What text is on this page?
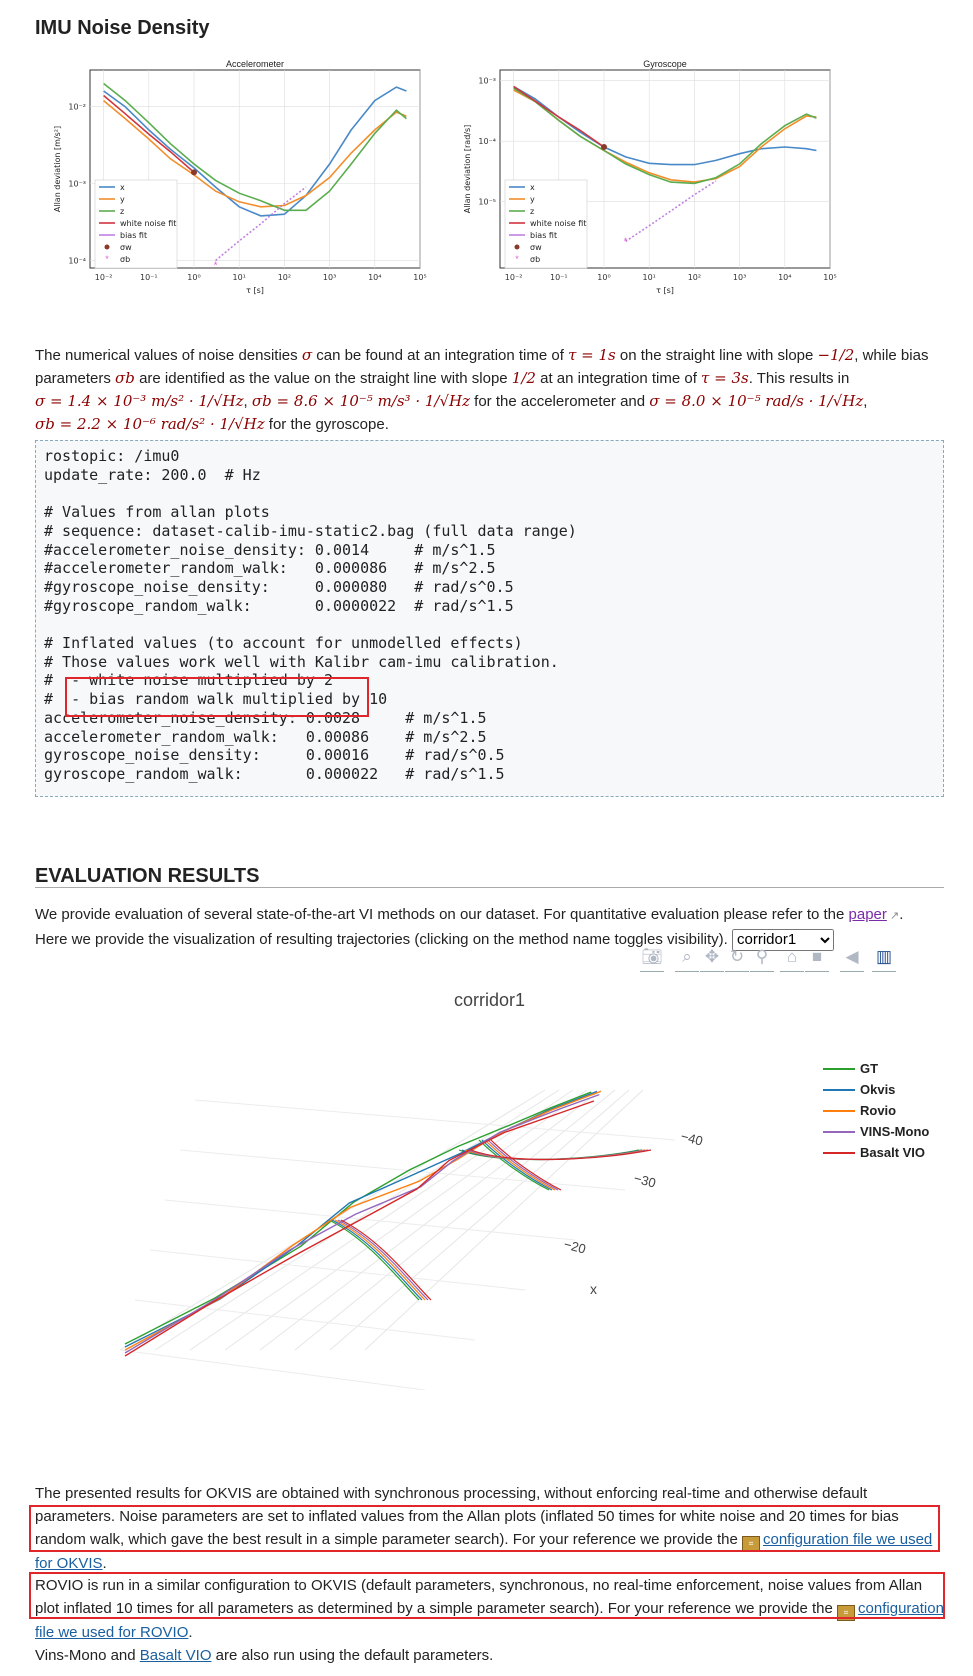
IMU Noise Density
Accelerometer
10⁻²	10⁻¹	10⁰	10¹	10²	10³	10⁴	10⁵
10⁻⁴
10⁻³
10⁻²
τ [s]
Allan deviation [m/s²]
*
x
y
z
white noise fit
bias fit
σw
* σb
Gyroscope
10⁻²	10⁻¹	10⁰	10¹	10²	10³	10⁴	10⁵
10⁻⁵
10⁻⁴
10⁻³
τ [s]
Allan deviation [rad/s]
*
x
y
z
white noise fit
bias fit
σw
* σb
The numerical values of noise densities σ can be found at an integration time of τ = 1s on the straight line with slope −1/2, while bias parameters σb are identified as the value on the straight line with slope 1/2 at an integration time of τ = 3s. This results in
σ = 1.4 × 10⁻³ m/s² · 1/√Hz, σb = 8.6 × 10⁻⁵ m/s³ · 1/√Hz for the accelerometer and σ = 8.0 × 10⁻⁵ rad/s · 1/√Hz,
σb = 2.2 × 10⁻⁶ rad/s² · 1/√Hz for the gyroscope.
rostopic: /imu0
update_rate: 200.0  # Hz
# Values from allan plots
# sequence: dataset-calib-imu-static2.bag (full data range)
#accelerometer_noise_density: 0.0014     # m/s^1.5
#accelerometer_random_walk:   0.000086   # m/s^2.5
#gyroscope_noise_density:     0.000080   # rad/s^0.5
#gyroscope_random_walk:       0.0000022  # rad/s^1.5
# Inflated values (to account for unmodelled effects)
# Those values work well with Kalibr cam-imu calibration.
#  - white noise multiplied by 2
#  - bias random walk multiplied by 10
accelerometer_noise_density: 0.0028     # m/s^1.5
accelerometer_random_walk:   0.00086    # m/s^2.5
gyroscope_noise_density:     0.00016    # rad/s^0.5
gyroscope_random_walk:       0.000022   # rad/s^1.5
EVALUATION RESULTS
We provide evaluation of several state-of-the-art VI methods on our dataset. For quantitative evaluation please refer to the paper ↗.
Here we provide the visualization of resulting trajectories (clicking on the method name toggles visibility).
corridor1
📷︎	⌕ ✥ ↻ ⚲	⌂ ■	◀	▥
corridor1
−40
−30
−20
x
GT
Okvis
Rovio
VINS-Mono
Basalt VIO
The presented results for OKVIS are obtained with synchronous processing, without enforcing real-time and otherwise default parameters. Noise parameters are set to inflated values from the Allan plots (inflated 50 times for white noise and 20 times for bias random walk, which gave the best result in a simple parameter search). For your reference we provide the ⌗ configuration file we used for OKVIS.
ROVIO is run in a similar configuration to OKVIS (default parameters, synchronous, no real-time enforcement, noise values from Allan plot inflated 10 times for all parameters as determined by a simple parameter search). For your reference we provide the ⌗ configuration file we used for ROVIO.
Vins-Mono and Basalt VIO are also run using the default parameters.
